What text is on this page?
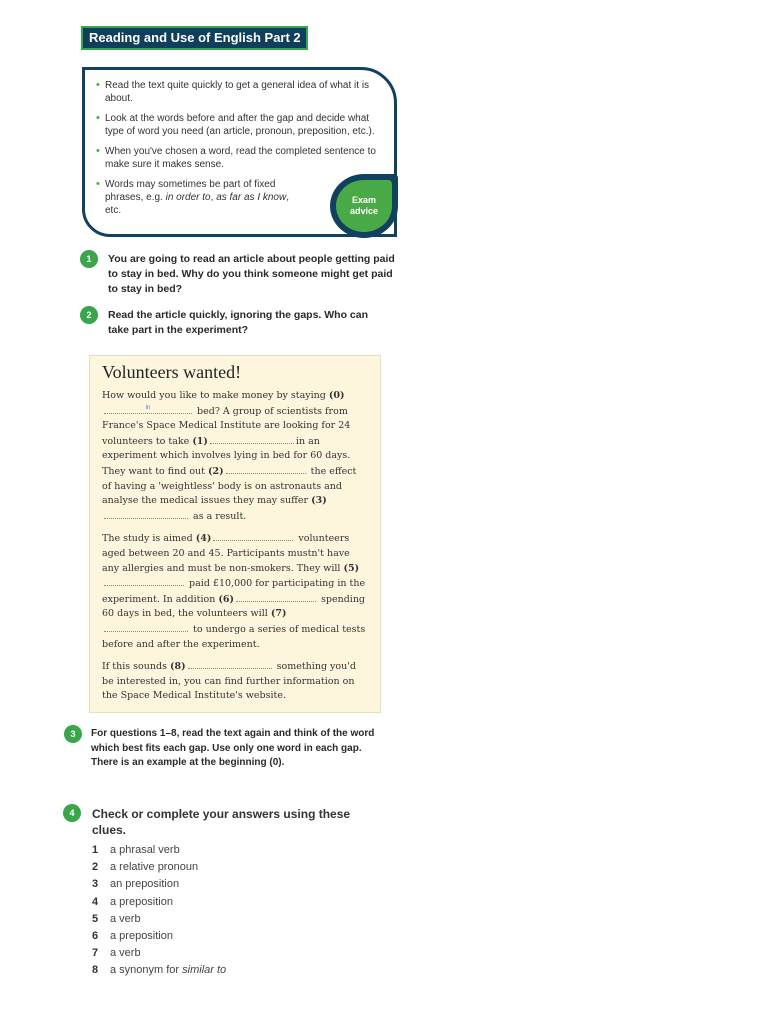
Reading and Use of English Part 2
• Read the text quite quickly to get a general idea of what it is about.
• Look at the words before and after the gap and decide what type of word you need (an article, pronoun, preposition, etc.).
• When you've chosen a word, read the completed sentence to make sure it makes sense.
• Words may sometimes be part of fixed phrases, e.g. in order to, as far as I know, etc.
Exam
advice
1	You are going to read an article about people getting paid to stay in bed. Why do you think someone might get paid to stay in bed?
2	Read the article quickly, ignoring the gaps. Who can take part in the experiment?
Volunteers wanted!

How would you like to make money by staying (0)
in	bed? A group of scientists from France's Space Medical Institute are looking for 24 volunteers to take (1)	in an experiment which involves lying in bed for 60 days. They want to find out (2)	the effect of having a 'weightless' body is on astronauts and analyse the medical issues they may suffer (3) as a result.

The study is aimed (4)	volunteers aged between 20 and 45. Participants mustn't have any allergies and must be non-smokers. They will (5) paid £10,000 for participating in the experiment. In addition (6)	spending 60 days in bed, the volunteers will (7) to undergo a series of medical tests before and after the experiment.

If this sounds (8)	something you'd be interested in, you can find further information on the Space Medical Institute's website.

3	For questions 1–8, read the text again and think of the word which best fits each gap. Use only one word in each gap. There is an example at the beginning (0).
4	Check or complete your answers using these clues.
1 a phrasal verb
2 a relative pronoun
3 an preposition
4 a preposition
5 a verb
6 a preposition
7 a verb
8 a synonym for similar to
